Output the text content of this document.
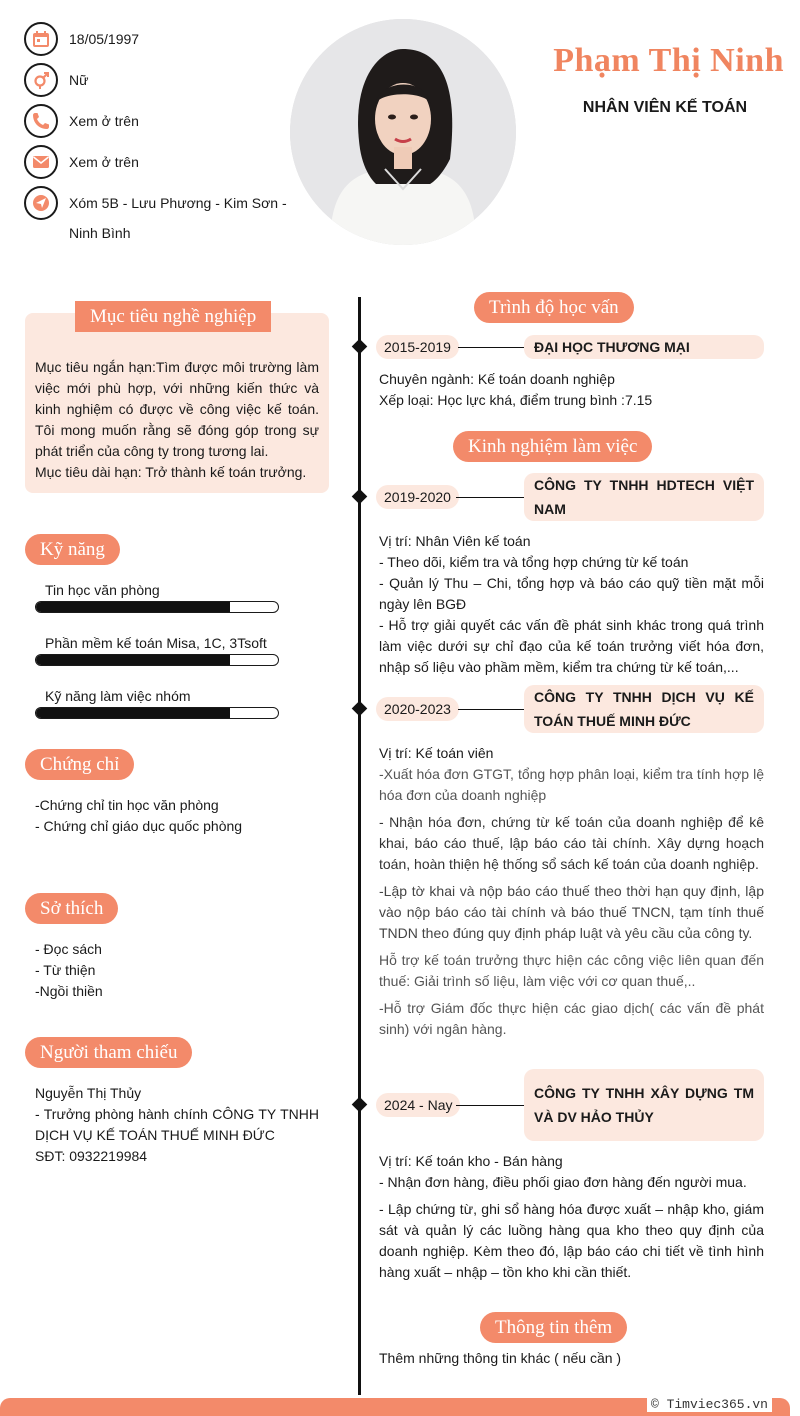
18/05/1997
Nữ
Xem ở trên
Xem ở trên
Xóm 5B - Lưu Phương - Kim Sơn -
Ninh Bình
Phạm Thị Ninh
NHÂN VIÊN KẾ TOÁN
Mục tiêu nghề nghiệp
Mục tiêu ngắn hạn:Tìm được môi trường làm việc mới phù hợp, với những kiến thức và kinh nghiệm có được về công việc kế toán. Tôi mong muốn rằng sẽ đóng góp trong sự phát triển của công ty trong tương lai.
Mục tiêu dài hạn: Trở thành kế toán trưởng.
Kỹ năng
Tin học văn phòng
Phần mềm kế toán Misa, 1C, 3Tsoft
Kỹ năng làm việc nhóm
Chứng chỉ
-Chứng chỉ tin học văn phòng
- Chứng chỉ giáo dục quốc phòng
Sở thích
- Đọc sách
- Từ thiện
-Ngồi thiền
Người tham chiếu
Nguyễn Thị Thủy
- Trưởng phòng hành chính CÔNG TY TNHH DỊCH VỤ KẾ TOÁN THUẾ MINH ĐỨC
SĐT: 0932219984
Trình độ học vấn
2015-2019	ĐẠI HỌC THƯƠNG MẠI
Chuyên ngành: Kế toán doanh nghiệp
Xếp loại: Học lực khá, điểm trung bình :7.15
Kinh nghiệm làm việc
2019-2020
CÔNG TY TNHH HDTECH VIỆT NAM

Vị trí: Nhân Viên kế toán

- Theo dõi, kiểm tra và tổng hợp chứng từ kế toán

- Quản lý Thu – Chi, tổng hợp và báo cáo quỹ tiền mặt mỗi ngày lên BGĐ

- Hỗ trợ giải quyết các vấn đề phát sinh khác trong quá trình làm việc dưới sự chỉ đạo của kế toán trưởng viết hóa đơn, nhập số liệu vào phầm mềm, kiểm tra chứng từ kế toán,...

2020-2023
CÔNG TY TNHH DỊCH VỤ KẾ TOÁN THUẾ MINH ĐỨC

Vị trí: Kế toán viên

-Xuất hóa đơn GTGT, tổng hợp phân loại, kiểm tra tính hợp lệ hóa đơn của doanh nghiệp

- Nhận hóa đơn, chứng từ kế toán của doanh nghiệp để kê khai, báo cáo thuế, lập báo cáo tài chính. Xây dựng hoạch toán, hoàn thiện hệ thống sổ sách kế toán của doanh nghiệp.

-Lập tờ khai và nộp báo cáo thuế theo thời hạn quy định, lập vào nộp báo cáo tài chính và báo thuế TNCN, tạm tính thuế TNDN theo đúng quy định pháp luật và yêu cầu của công ty.

Hỗ trợ kế toán trưởng thực hiện các công việc liên quan đến thuế: Giải trình số liệu, làm việc với cơ quan thuế,..

-Hỗ trợ Giám đốc thực hiện các giao dịch( các vấn đề phát sinh) với ngân hàng.

2024 - Nay
CÔNG TY TNHH XÂY DỰNG TM VÀ DV HẢO THỦY

Vị trí: Kế toán kho - Bán hàng

- Nhận đơn hàng, điều phối giao đơn hàng đến người mua.

- Lập chứng từ, ghi sổ hàng hóa được xuất – nhập kho, giám sát và quản lý các luồng hàng qua kho theo quy định của doanh nghiệp. Kèm theo đó, lập báo cáo chi tiết về tình hình hàng xuất – nhập – tồn kho khi cần thiết.

Thông tin thêm
Thêm những thông tin khác ( nếu cần )
© Timviec365.vn
